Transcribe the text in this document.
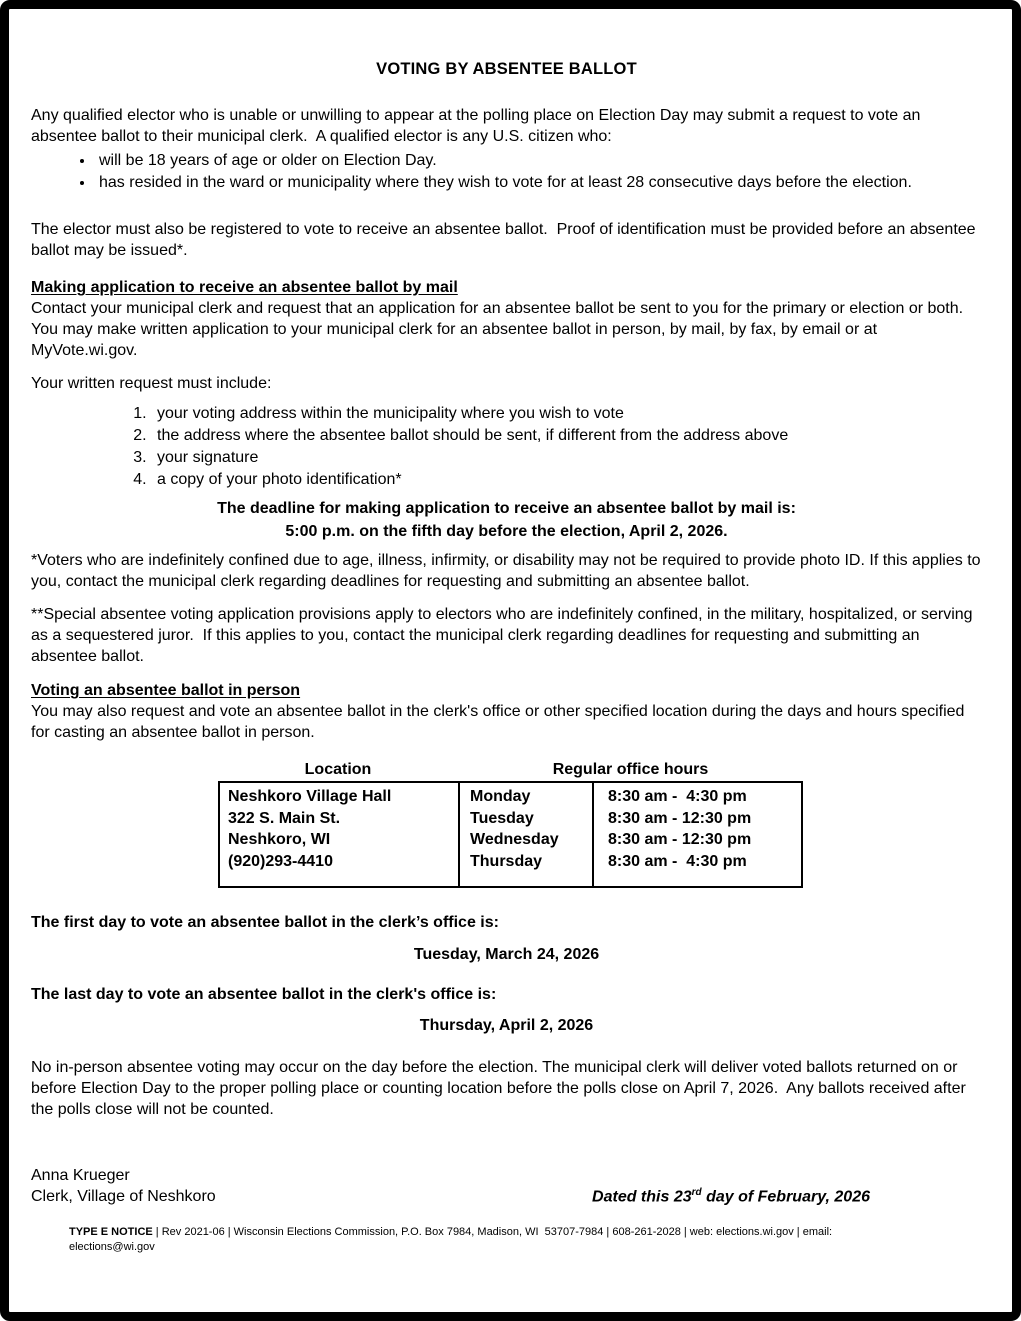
VOTING BY ABSENTEE BALLOT

Any qualified elector who is unable or unwilling to appear at the polling place on Election Day may submit a request to vote an absentee ballot to their municipal clerk.  A qualified elector is any U.S. citizen who:

• will be 18 years of age or older on Election Day.
• has resided in the ward or municipality where they wish to vote for at least 28 consecutive days before the election.

The elector must also be registered to vote to receive an absentee ballot.  Proof of identification must be provided before an absentee ballot may be issued*.

Making application to receive an absentee ballot by mail

Contact your municipal clerk and request that an application for an absentee ballot be sent to you for the primary or election or both.  You may make written application to your municipal clerk for an absentee ballot in person, by mail, by fax, by email or at MyVote.wi.gov.

Your written request must include:

1. your voting address within the municipality where you wish to vote
2. the address where the absentee ballot should be sent, if different from the address above
3. your signature
4. a copy of your photo identification*

The deadline for making application to receive an absentee ballot by mail is:

5:00 p.m. on the fifth day before the election, April 2, 2026.

*Voters who are indefinitely confined due to age, illness, infirmity, or disability may not be required to provide photo ID. If this applies to you, contact the municipal clerk regarding deadlines for requesting and submitting an absentee ballot.

**Special absentee voting application provisions apply to electors who are indefinitely confined, in the military, hospitalized, or serving as a sequestered juror.  If this applies to you, contact the municipal clerk regarding deadlines for requesting and submitting an absentee ballot.

Voting an absentee ballot in person

You may also request and vote an absentee ballot in the clerk's office or other specified location during the days and hours specified for casting an absentee ballot in person.

Location	Regular office hours
Neshkoro Village Hall
322 S. Main St.
Neshkoro, WI
(920)293-4410
Monday
Tuesday
Wednesday
Thursday
8:30 am -  4:30 pm
8:30 am - 12:30 pm
8:30 am - 12:30 pm
8:30 am -  4:30 pm

The first day to vote an absentee ballot in the clerk’s office is:

Tuesday, March 24, 2026

The last day to vote an absentee ballot in the clerk's office is:

Thursday, April 2, 2026

No in-person absentee voting may occur on the day before the election. The municipal clerk will deliver voted ballots returned on or before Election Day to the proper polling place or counting location before the polls close on April 7, 2026.  Any ballots received after the polls close will not be counted.

Anna Krueger
Clerk, Village of Neshkoro	Dated this 23rd day of February, 2026
TYPE E NOTICE | Rev 2021-06 | Wisconsin Elections Commission, P.O. Box 7984, Madison, WI  53707-7984 | 608-261-2028 | web: elections.wi.gov | email: elections@wi.gov
